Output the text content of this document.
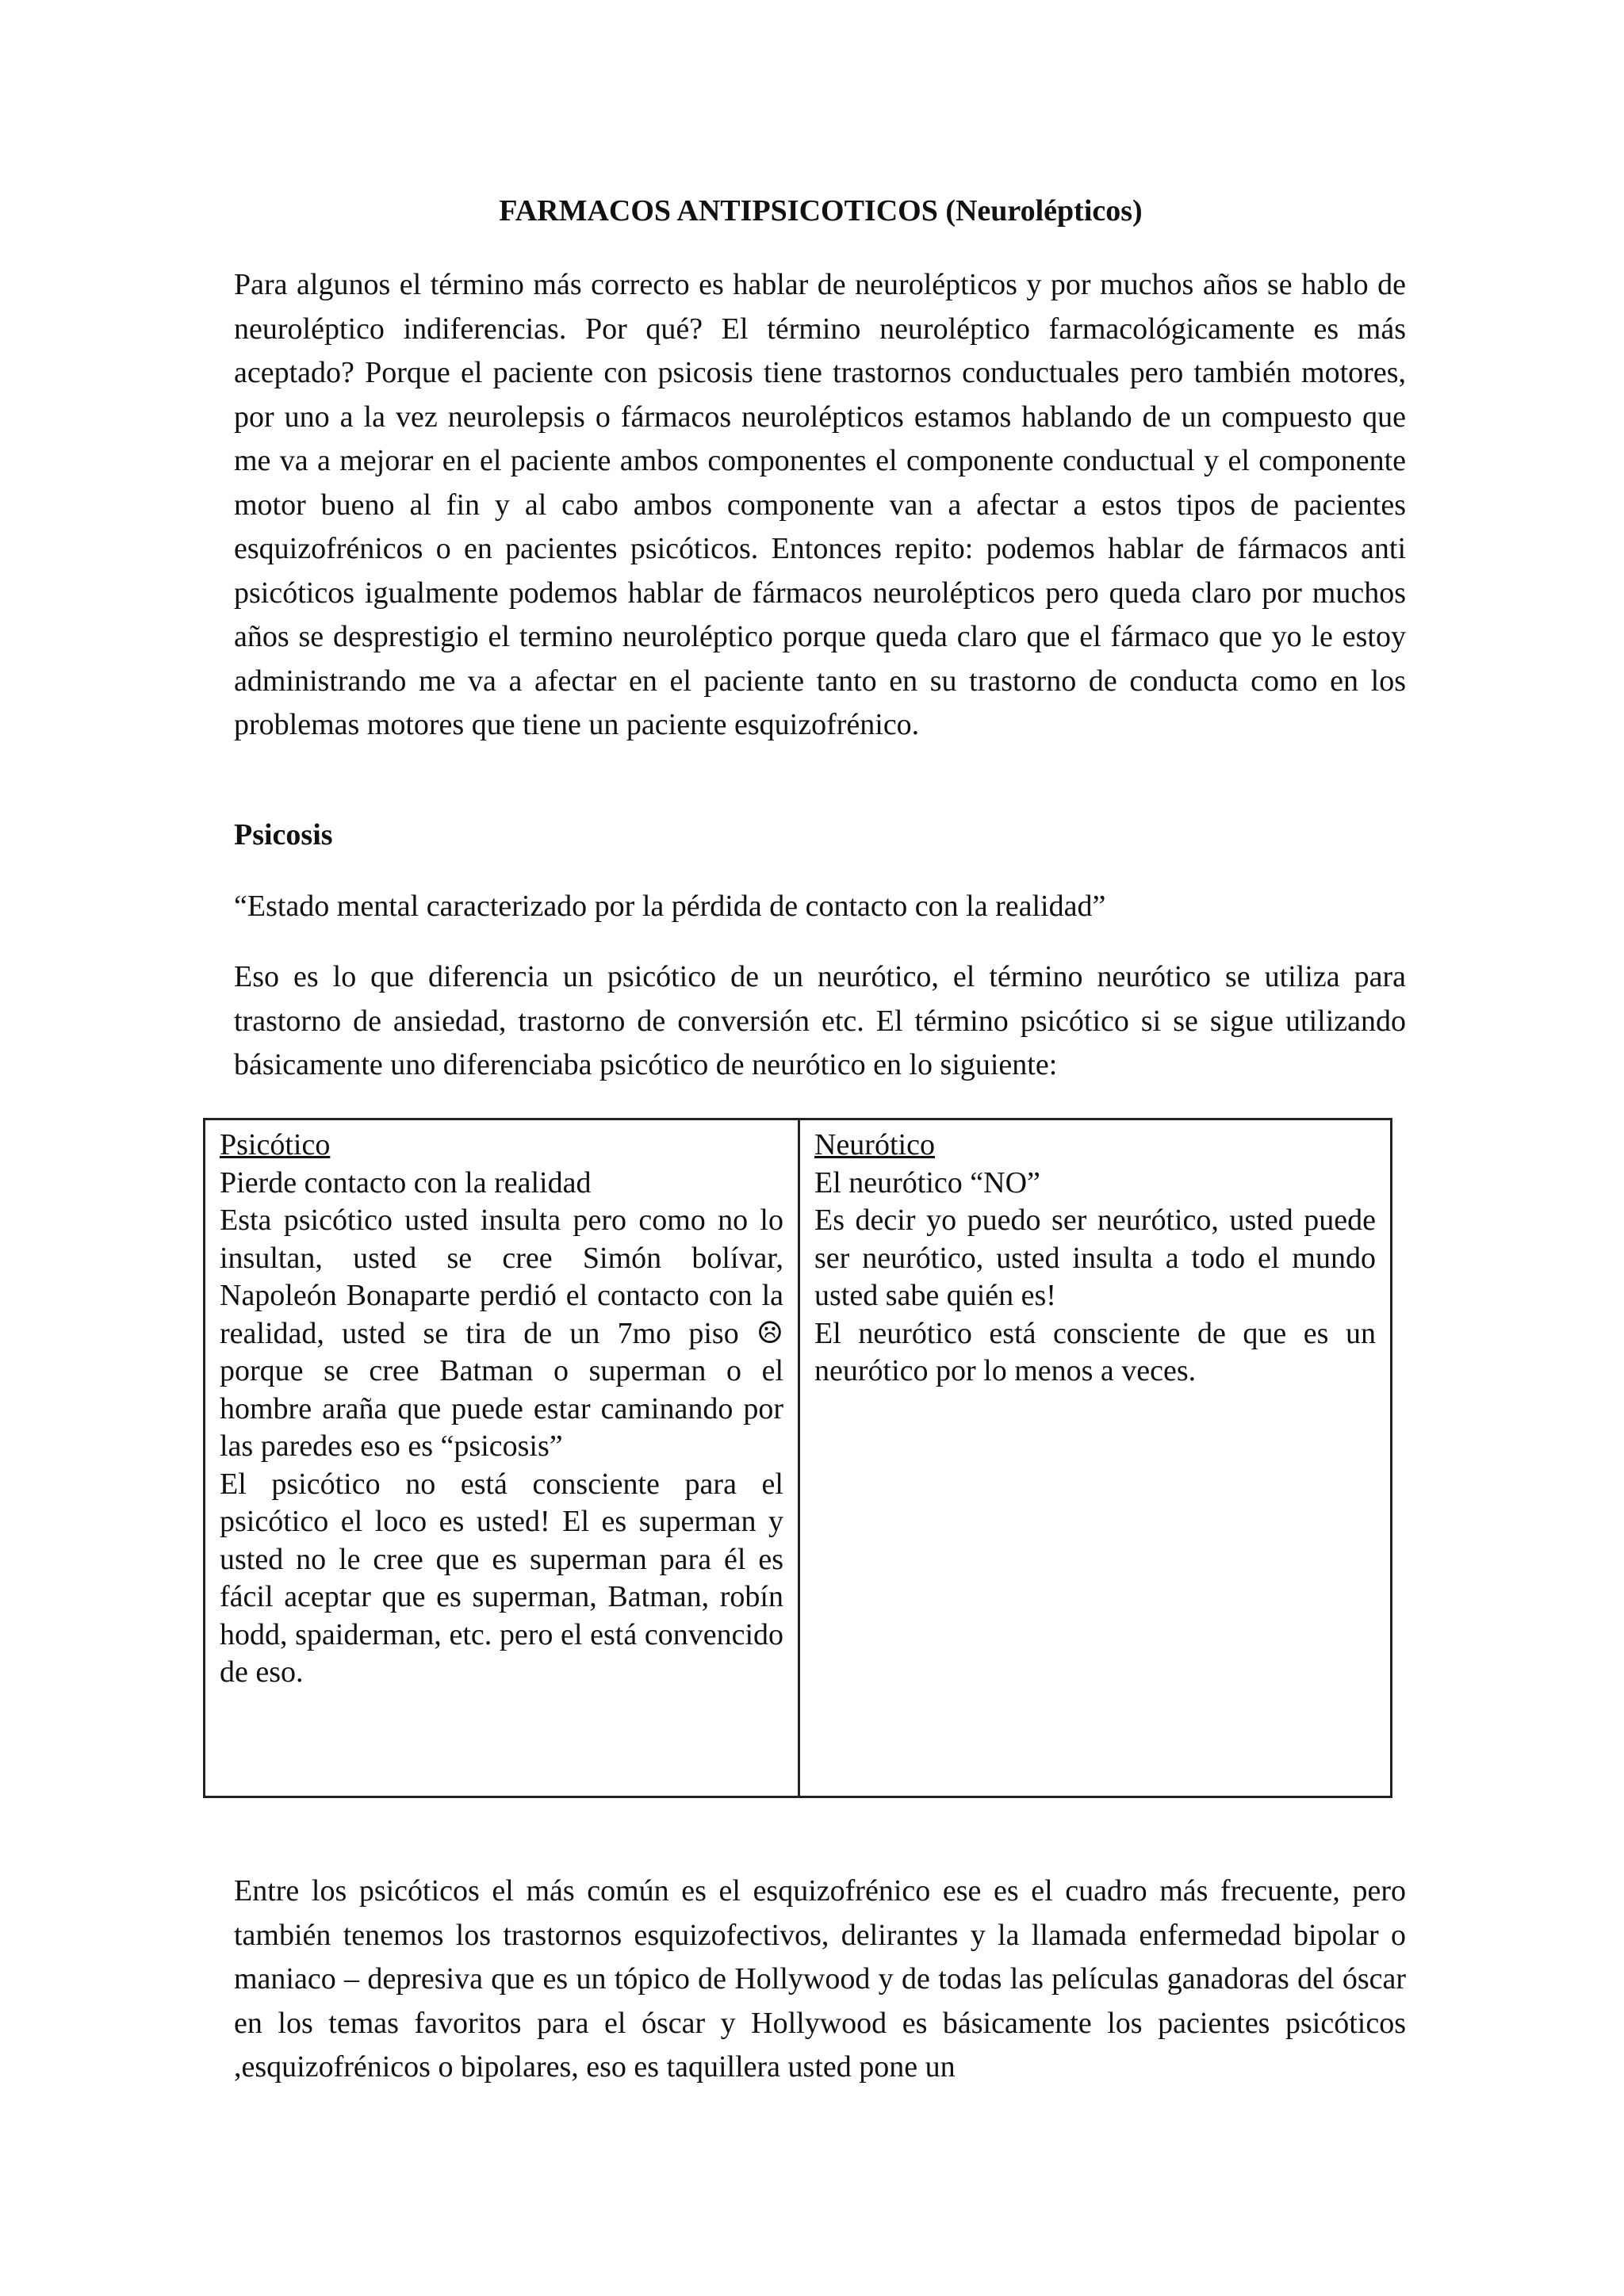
FARMACOS ANTIPSICOTICOS (Neurolépticos)

Para algunos el término más correcto es hablar de neurolépticos y por muchos años se hablo de neuroléptico indiferencias. Por qué? El término neuroléptico farmacológicamente es más aceptado? Porque el paciente con psicosis tiene trastornos conductuales pero también motores, por uno a la vez neurolepsis o fármacos neurolépticos estamos hablando de un compuesto que me va a mejorar en el paciente ambos componentes el componente conductual y el componente motor bueno al fin y al cabo ambos componente van a afectar a estos tipos de pacientes esquizofrénicos o en pacientes psicóticos. Entonces repito: podemos hablar de fármacos anti psicóticos igualmente podemos hablar de fármacos neurolépticos pero queda claro por muchos años se desprestigio el termino neuroléptico porque queda claro que el fármaco que yo le estoy administrando me va a afectar en el paciente tanto en su trastorno de conducta como en los problemas motores que tiene un paciente esquizofrénico.

Psicosis

“Estado mental caracterizado por la pérdida de contacto con la realidad”

Eso es lo que diferencia un psicótico de un neurótico, el término neurótico se utiliza para trastorno de ansiedad, trastorno de conversión etc. El término psicótico si se sigue utilizando básicamente uno diferenciaba psicótico de neurótico en lo siguiente:

Psicótico

Pierde contacto con la realidad

Esta psicótico usted insulta pero como no lo insultan, usted se cree Simón bolívar, Napoleón Bonaparte perdió el contacto con la realidad, usted se tira de un 7mo piso ☹ porque se cree Batman o superman o el hombre araña que puede estar caminando por las paredes eso es “psicosis”

El psicótico no está consciente para el psicótico el loco es usted! El es superman y usted no le cree que es superman para él es fácil aceptar que es superman, Batman, robín hodd, spaiderman, etc. pero el está convencido de eso.

Neurótico

El neurótico “NO”

Es decir yo puedo ser neurótico, usted puede ser neurótico, usted insulta a todo el mundo usted sabe quién es!

El neurótico está consciente de que es un neurótico por lo menos a veces.

Entre los psicóticos el más común es el esquizofrénico ese es el cuadro más frecuente, pero también tenemos los trastornos esquizofectivos, delirantes y la llamada enfermedad bipolar o maniaco – depresiva que es un tópico de Hollywood y de todas las películas ganadoras del óscar en los temas favoritos para el óscar y Hollywood es básicamente los pacientes psicóticos ,esquizofrénicos o bipolares, eso es taquillera usted pone un
